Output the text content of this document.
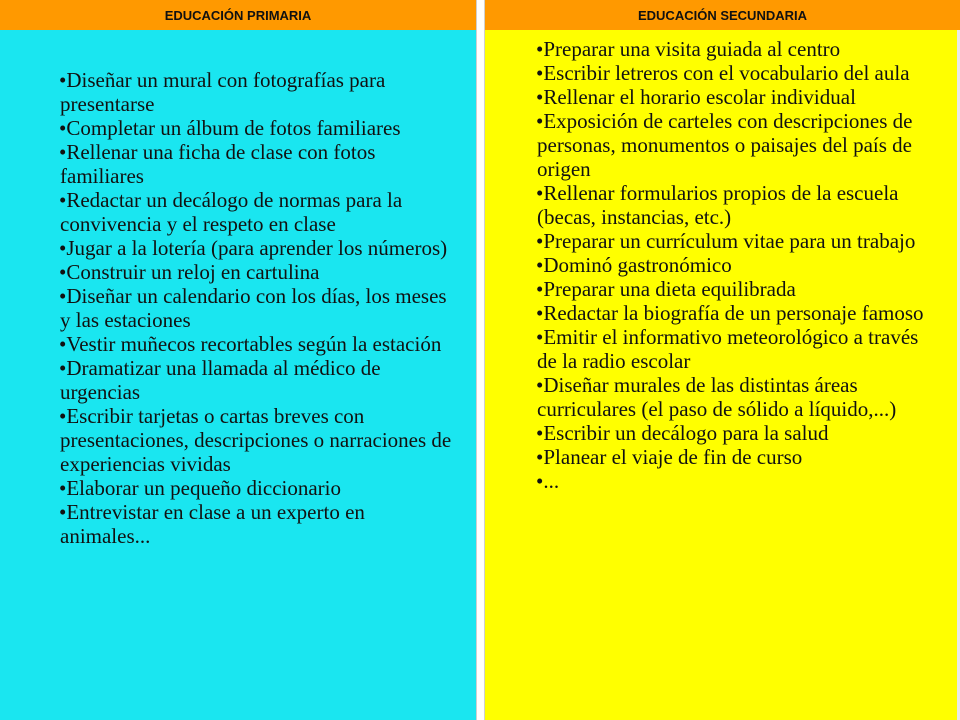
EDUCACIÓN PRIMARIA	EDUCACIÓN SECUNDARIA
• Diseñar un mural con fotografías para presentarse
• Completar un álbum de fotos familiares
• Rellenar una ficha de clase con fotos familiares
• Redactar un decálogo de normas para la convivencia y el respeto en clase
• Jugar a la lotería (para aprender los números)
• Construir un reloj en cartulina
• Diseñar un calendario con los días, los meses y las estaciones
• Vestir muñecos recortables según la estación
• Dramatizar una llamada al médico de urgencias
• Escribir tarjetas o cartas breves con presentaciones, descripciones o narraciones de experiencias vividas
• Elaborar un pequeño diccionario
• Entrevistar en clase a un experto en animales...
• Preparar una visita guiada al centro
• Escribir letreros con el vocabulario del aula
• Rellenar el horario escolar individual
• Exposición de carteles con descripciones de personas, monumentos o paisajes del país de origen
• Rellenar formularios propios de la escuela (becas, instancias, etc.)
• Preparar un currículum vitae para un trabajo
• Dominó gastronómico
• Preparar una dieta equilibrada
• Redactar la biografía de un personaje famoso
• Emitir el informativo meteorológico a través de la radio escolar
• Diseñar murales de las distintas áreas curriculares (el paso de sólido a líquido,...)
• Escribir un decálogo para la salud
• Planear el viaje de fin de curso
• ...
